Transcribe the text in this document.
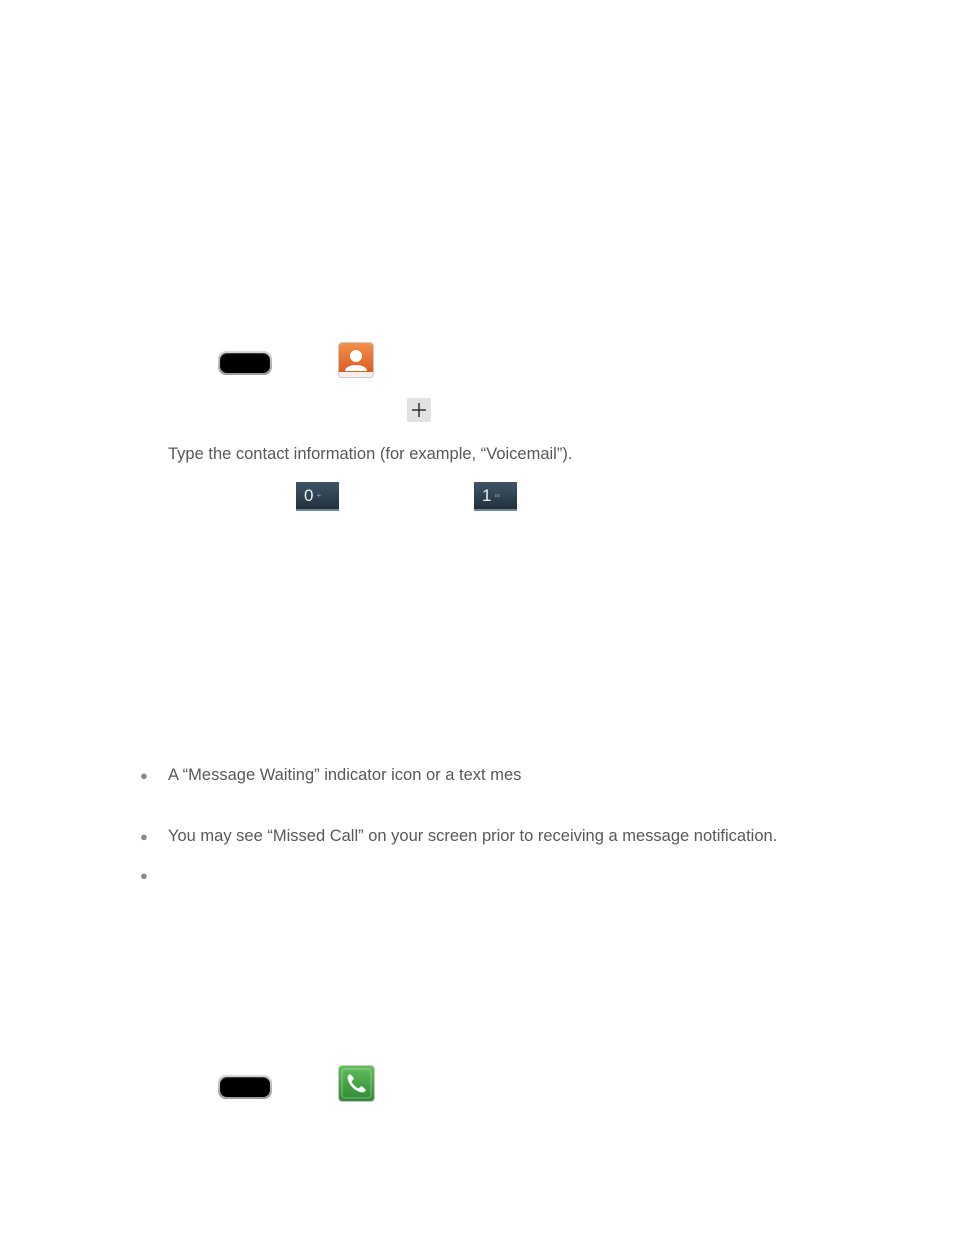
Type the contact information (for example, “Voicemail”).
0 +	1 ∞
● A “Message Waiting” indicator icon or a text mes
● You may see “Missed Call” on your screen prior to receiving a message notification.
●
